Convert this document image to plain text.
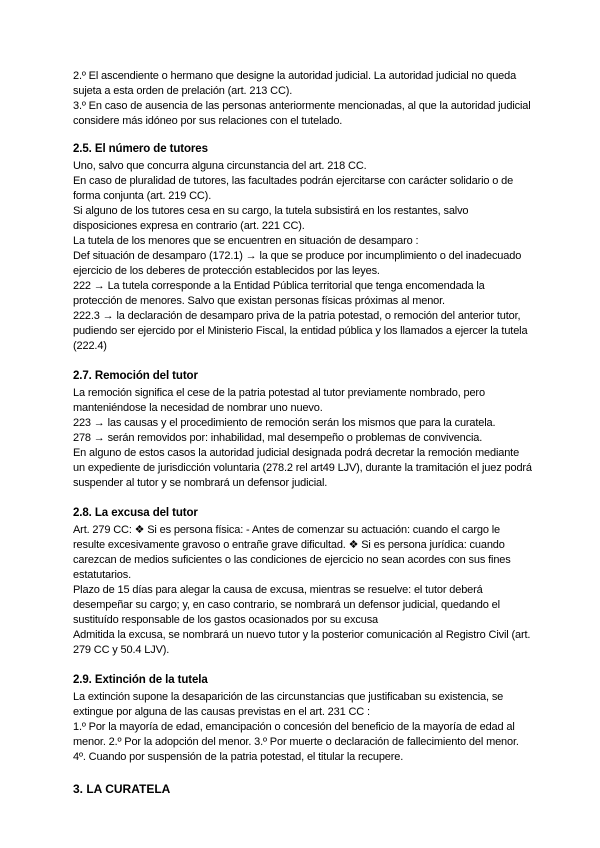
2.º El ascendiente o hermano que designe la autoridad judicial. La autoridad judicial no queda sujeta a esta orden de prelación (art. 213 CC).

3.º En caso de ausencia de las personas anteriormente mencionadas, al que la autoridad judicial considere más idóneo por sus relaciones con el tutelado.

2.5. El número de tutores

Uno, salvo que concurra alguna circunstancia del art. 218 CC.

En caso de pluralidad de tutores, las facultades podrán ejercitarse con carácter solidario o de forma conjunta (art. 219 CC).

Si alguno de los tutores cesa en su cargo, la tutela subsistirá en los restantes, salvo disposiciones expresa en contrario (art. 221 CC).

La tutela de los menores que se encuentren en situación de desamparo :

Def situación de desamparo (172.1) → la que se produce por incumplimiento o del inadecuado ejercicio de los deberes de protección establecidos por las leyes.

222 → La tutela corresponde a la Entidad Pública territorial que tenga encomendada la protección de menores. Salvo que existan personas físicas próximas al menor.

222.3 → la declaración de desamparo priva de la patria potestad, o remoción del anterior tutor, pudiendo ser ejercido por el Ministerio Fiscal, la entidad pública y los llamados a ejercer la tutela (222.4)

2.7. Remoción del tutor

La remoción significa el cese de la patria potestad al tutor previamente nombrado, pero manteniéndose la necesidad de nombrar uno nuevo.

223 → las causas y el procedimiento de remoción serán los mismos que para la curatela.

278 → serán removidos por: inhabilidad, mal desempeño o problemas de convivencia.

En alguno de estos casos la autoridad judicial designada podrá decretar la remoción mediante un expediente de jurisdicción voluntaria (278.2 rel art49 LJV), durante la tramitación el juez podrá suspender al tutor y se nombrará un defensor judicial.

2.8. La excusa del tutor

Art. 279 CC: ❖ Si es persona física: - Antes de comenzar su actuación: cuando el cargo le resulte excesivamente gravoso o entrañe grave dificultad. ❖ Si es persona jurídica: cuando carezcan de medios suficientes o las condiciones de ejercicio no sean acordes con sus fines estatutarios.

Plazo de 15 días para alegar la causa de excusa, mientras se resuelve: el tutor deberá desempeñar su cargo; y, en caso contrario, se nombrará un defensor judicial, quedando el sustituído responsable de los gastos ocasionados por su excusa

Admitida la excusa, se nombrará un nuevo tutor y la posterior comunicación al Registro Civil (art. 279 CC y 50.4 LJV).

2.9. Extinción de la tutela

La extinción supone la desaparición de las circunstancias que justificaban su existencia, se extingue por alguna de las causas previstas en el art. 231 CC :

1.º Por la mayoría de edad, emancipación o concesión del beneficio de la mayoría de edad al menor. 2.º Por la adopción del menor. 3.º Por muerte o declaración de fallecimiento del menor. 4º. Cuando por suspensión de la patria potestad, el titular la recupere.

3. LA CURATELA
